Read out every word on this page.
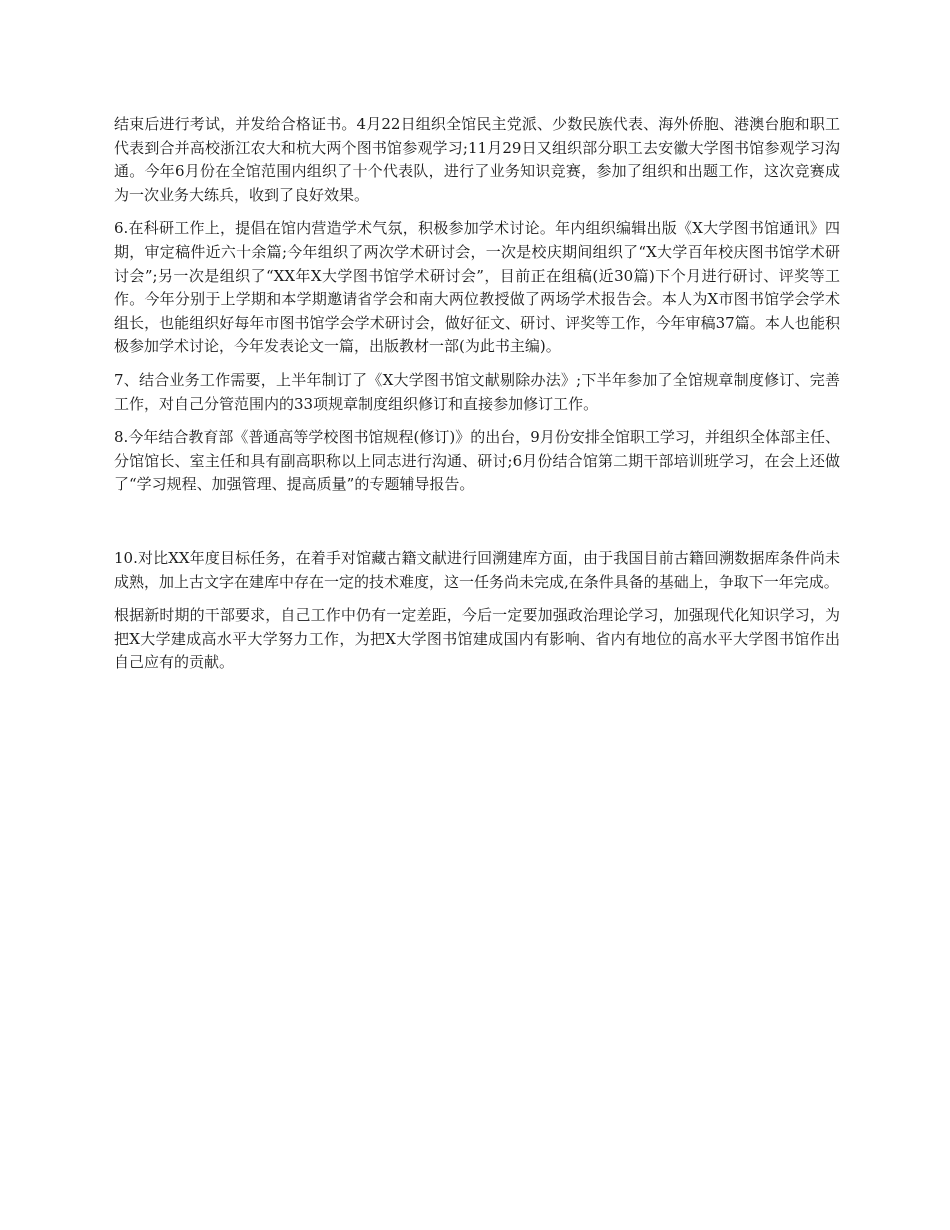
结束后进行考试，并发给合格证书。4月22日组织全馆民主党派、少数民族代表、海外侨胞、港澳台胞和职工代表到合并高校浙江农大和杭大两个图书馆参观学习;11月29日又组织部分职工去安徽大学图书馆参观学习沟通。今年6月份在全馆范围内组织了十个代表队，进行了业务知识竞赛，参加了组织和出题工作，这次竞赛成为一次业务大练兵，收到了良好效果。

6.在科研工作上，提倡在馆内营造学术气氛，积极参加学术讨论。年内组织编辑出版《X大学图书馆通讯》四期，审定稿件近六十余篇;今年组织了两次学术研讨会，一次是校庆期间组织了“X大学百年校庆图书馆学术研讨会”;另一次是组织了“XX年X大学图书馆学术研讨会”，目前正在组稿(近30篇)下个月进行研讨、评奖等工作。今年分别于上学期和本学期邀请省学会和南大两位教授做了两场学术报告会。本人为X市图书馆学会学术组长，也能组织好每年市图书馆学会学术研讨会，做好征文、研讨、评奖等工作，今年审稿37篇。本人也能积极参加学术讨论，今年发表论文一篇，出版教材一部(为此书主编)。

7、结合业务工作需要，上半年制订了《X大学图书馆文献剔除办法》;下半年参加了全馆规章制度修订、完善工作，对自己分管范围内的33项规章制度组织修订和直接参加修订工作。

8.今年结合教育部《普通高等学校图书馆规程(修订)》的出台，9月份安排全馆职工学习，并组织全体部主任、分馆馆长、室主任和具有副高职称以上同志进行沟通、研讨;6月份结合馆第二期干部培训班学习，在会上还做了“学习规程、加强管理、提高质量”的专题辅导报告。

10.对比XX年度目标任务，在着手对馆藏古籍文献进行回溯建库方面，由于我国目前古籍回溯数据库条件尚未成熟，加上古文字在建库中存在一定的技术难度，这一任务尚未完成,在条件具备的基础上，争取下一年完成。

根据新时期的干部要求，自己工作中仍有一定差距，今后一定要加强政治理论学习，加强现代化知识学习，为把X大学建成高水平大学努力工作，为把X大学图书馆建成国内有影响、省内有地位的高水平大学图书馆作出自己应有的贡献。
